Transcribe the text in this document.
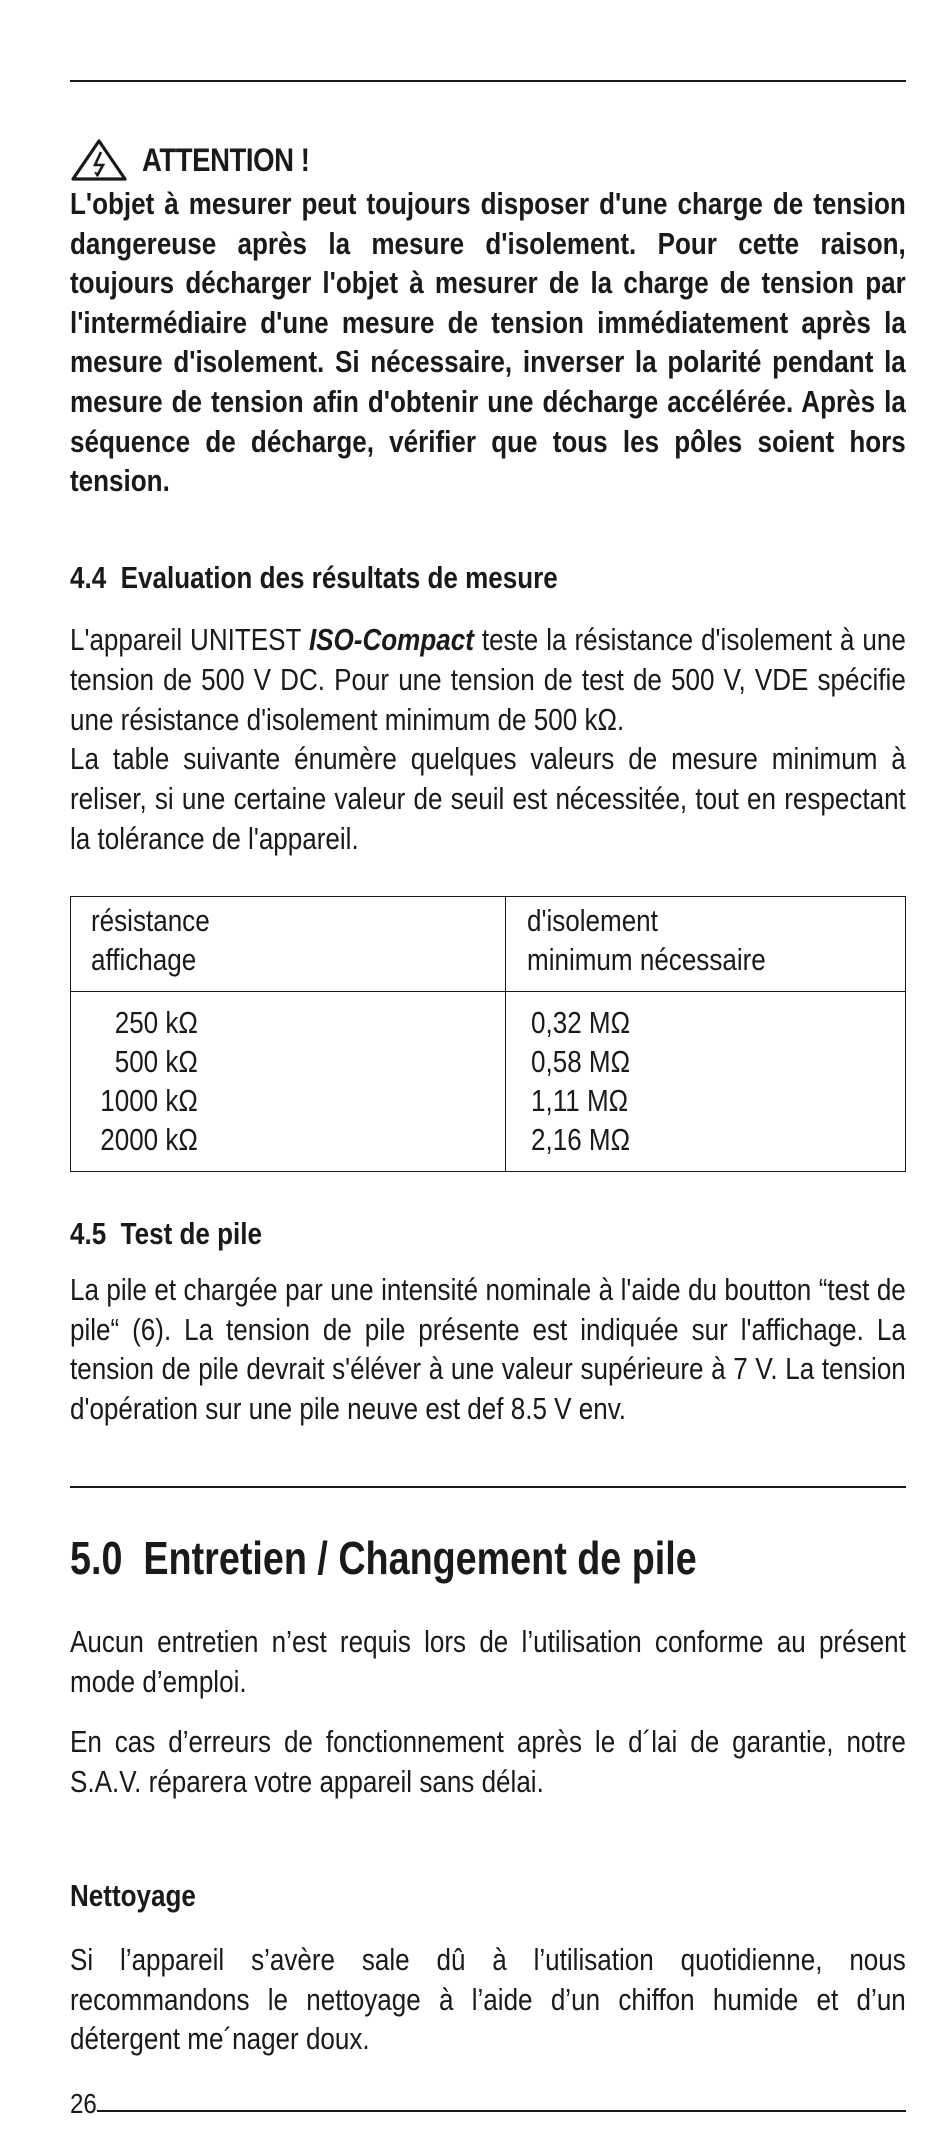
ATTENTION !
L'objet à mesurer peut toujours disposer d'une charge de tension dangereuse après la mesure d'isolement. Pour cette raison, toujours décharger l'objet à mesurer de la charge de tension par l'intermédiaire d'une mesure de tension immédiatement après la mesure d'isolement. Si nécessaire, inverser la polarité pendant la mesure de tension afin d'obtenir une décharge accélérée. Après la séquence de décharge, vérifier que tous les pôles soient hors tension.
4.4  Evaluation des résultats de mesure
L'appareil UNITEST ISO-Compact teste la résistance d'isolement à une tension de 500 V DC. Pour une tension de test de 500 V, VDE spécifie une résistance d'isolement minimum de 500 kΩ.
La table suivante énumère quelques valeurs de mesure minimum à reliser, si une certaine valeur de seuil est nécessitée, tout en respectant la tolérance de l'appareil.
résistance
affichage
d'isolement
minimum nécessaire
250 kΩ
500 kΩ
1000 kΩ
2000 kΩ
0,32 MΩ
0,58 MΩ
1,11 MΩ
2,16 MΩ
4.5  Test de pile
La pile et chargée par une intensité nominale à l'aide du boutton “test de pile“ (6). La tension de pile présente est indiquée sur l'affichage. La tension de pile devrait s'éléver à une valeur supérieure à 7 V. La tension d'opération sur une pile neuve est def 8.5 V env.
5.0  Entretien / Changement de pile
Aucun entretien n’est requis lors de l’utilisation conforme au présent mode d’emploi.
En cas d’erreurs de fonctionnement après le d´lai de garantie, notre S.A.V. réparera votre appareil sans délai.
Nettoyage
Si l’appareil s’avère sale dû à l’utilisation quotidienne, nous recommandons le nettoyage à l’aide d’un chiffon humide et d’un détergent me´nager doux.
26
